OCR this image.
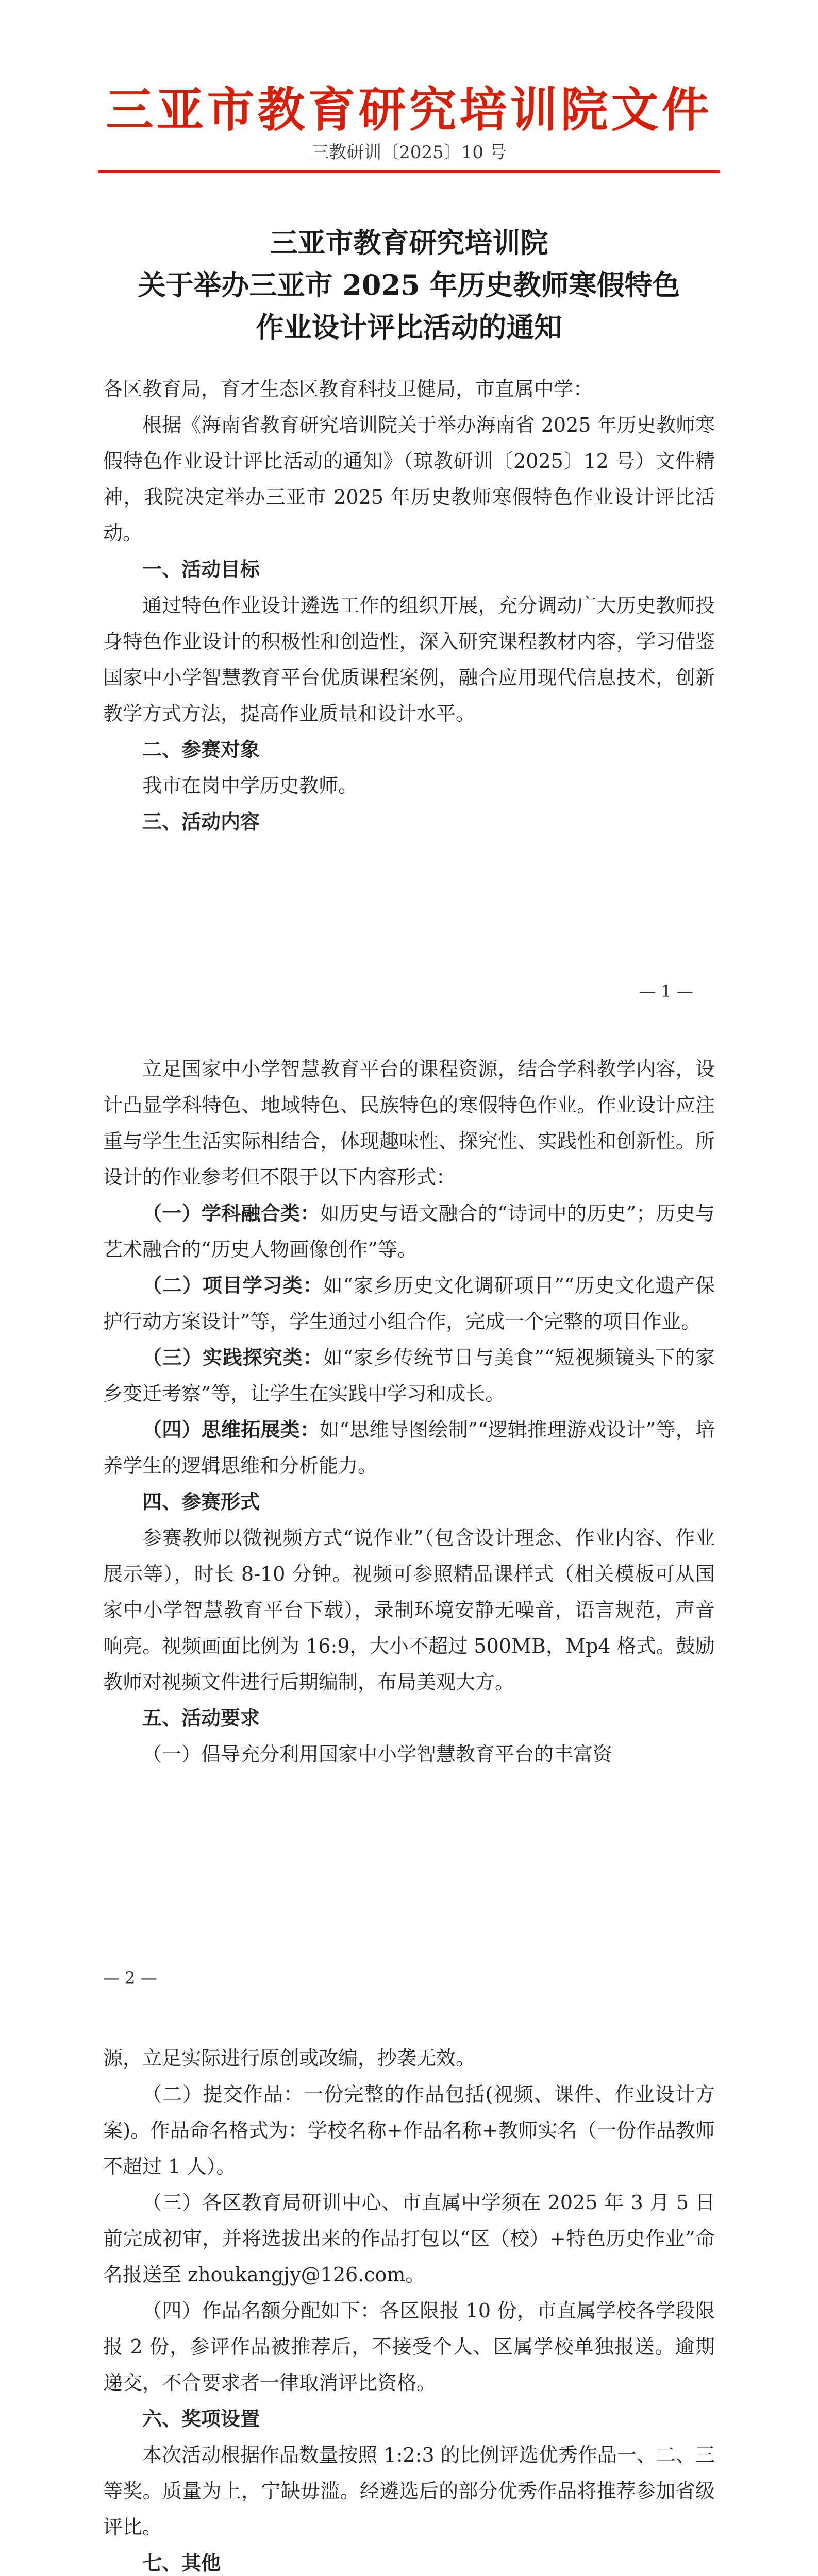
三亚市教育研究培训院文件
三教研训〔2025〕10 号
三亚市教育研究培训院
关于举办三亚市 2025 年历史教师寒假特色
作业设计评比活动的通知

各区教育局，育才生态区教育科技卫健局，市直属中学：

根据《海南省教育研究培训院关于举办海南省 2025 年历史教师寒假特色作业设计评比活动的通知》（琼教研训〔2025〕12 号）文件精神，我院决定举办三亚市 2025 年历史教师寒假特色作业设计评比活动。

一、活动目标

通过特色作业设计遴选工作的组织开展，充分调动广大历史教师投身特色作业设计的积极性和创造性，深入研究课程教材内容，学习借鉴国家中小学智慧教育平台优质课程案例，融合应用现代信息技术，创新教学方式方法，提高作业质量和设计水平。

二、参赛对象

我市在岗中学历史教师。

三、活动内容

— 1 —

立足国家中小学智慧教育平台的课程资源，结合学科教学内容，设计凸显学科特色、地域特色、民族特色的寒假特色作业。作业设计应注重与学生生活实际相结合，体现趣味性、探究性、实践性和创新性。所设计的作业参考但不限于以下内容形式：

（一）学科融合类：如历史与语文融合的“诗词中的历史”；历史与艺术融合的“历史人物画像创作”等。

（二）项目学习类：如“家乡历史文化调研项目”“历史文化遗产保护行动方案设计”等，学生通过小组合作，完成一个完整的项目作业。

（三）实践探究类：如“家乡传统节日与美食”“短视频镜头下的家乡变迁考察”等，让学生在实践中学习和成长。

（四）思维拓展类：如“思维导图绘制”“逻辑推理游戏设计”等，培养学生的逻辑思维和分析能力。

四、参赛形式

参赛教师以微视频方式“说作业”（包含设计理念、作业内容、作业展示等），时长 8-10 分钟。视频可参照精品课样式（相关模板可从国家中小学智慧教育平台下载），录制环境安静无噪音，语言规范，声音响亮。视频画面比例为 16:9，大小不超过 500MB，Mp4 格式。鼓励教师对视频文件进行后期编制，布局美观大方。

五、活动要求

（一）倡导充分利用国家中小学智慧教育平台的丰富资

— 2 —

源，立足实际进行原创或改编，抄袭无效。

（二）提交作品：一份完整的作品包括(视频、课件、作业设计方案)。作品命名格式为：学校名称+作品名称+教师实名（一份作品教师不超过 1 人）。

（三）各区教育局研训中心、市直属中学须在 2025 年 3 月 5 日前完成初审，并将选拔出来的作品打包以“区（校）+特色历史作业”命名报送至 zhoukangjy@126.com。

（四）作品名额分配如下：各区限报 10 份，市直属学校各学段限报 2 份，参评作品被推荐后，不接受个人、区属学校单独报送。逾期递交，不合要求者一律取消评比资格。

六、奖项设置

本次活动根据作品数量按照 1:2:3 的比例评选优秀作品一、二、三等奖。质量为上，宁缺毋滥。经遴选后的部分优秀作品将推荐参加省级评比。

七、其他
